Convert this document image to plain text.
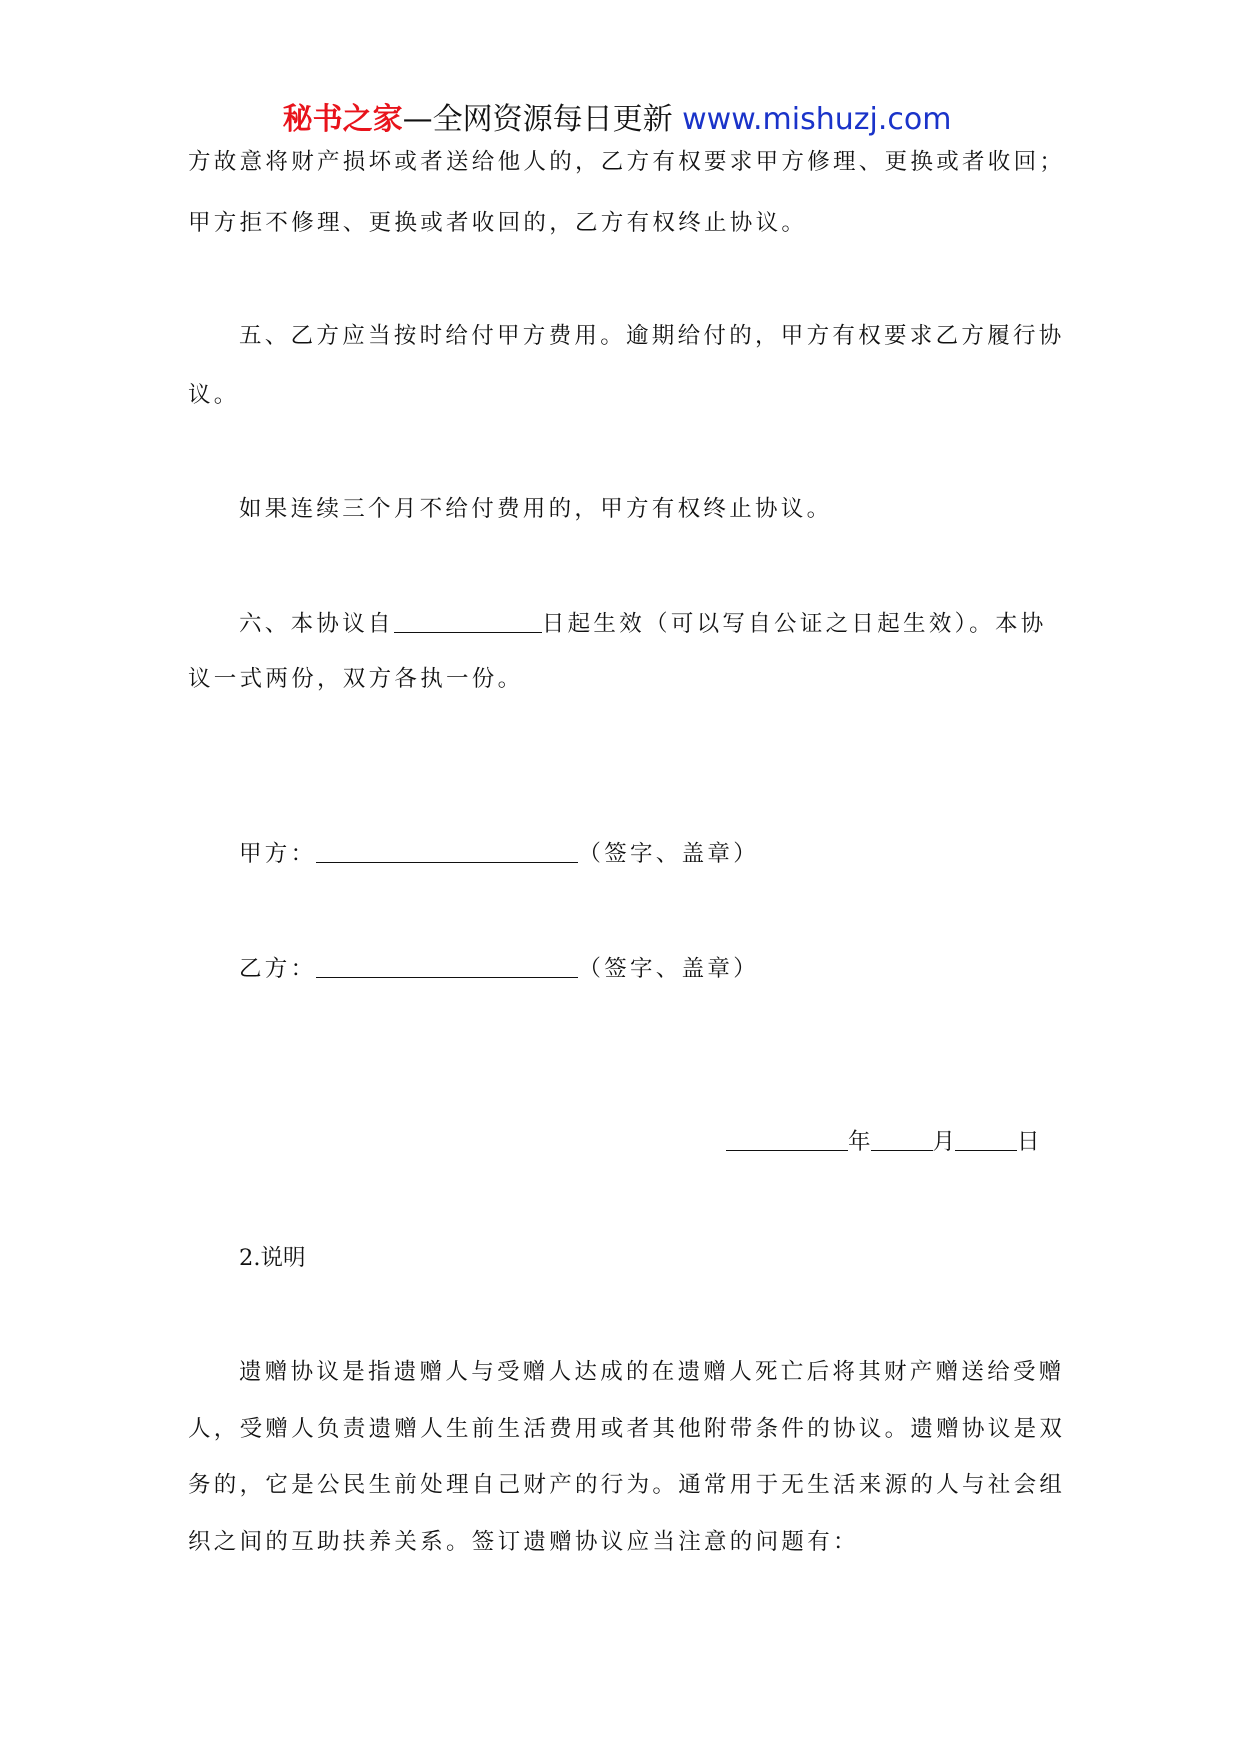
秘书之家—全网资源每日更新 www.mishuzj.com
方故意将财产损坏或者送给他人的，乙方有权要求甲方修理、更换或者收回；
甲方拒不修理、更换或者收回的，乙方有权终止协议。
五、乙方应当按时给付甲方费用。逾期给付的，甲方有权要求乙方履行协
议。
如果连续三个月不给付费用的，甲方有权终止协议。
六、本协议自	日起生效（可以写自公证之日起生效）。本协
议一式两份，双方各执一份。
甲方：	（签字、盖章）
乙方：	（签字、盖章）
年	月	日
2.说明
遗赠协议是指遗赠人与受赠人达成的在遗赠人死亡后将其财产赠送给受赠
人，受赠人负责遗赠人生前生活费用或者其他附带条件的协议。遗赠协议是双
务的，它是公民生前处理自己财产的行为。通常用于无生活来源的人与社会组
织之间的互助扶养关系。签订遗赠协议应当注意的问题有：
